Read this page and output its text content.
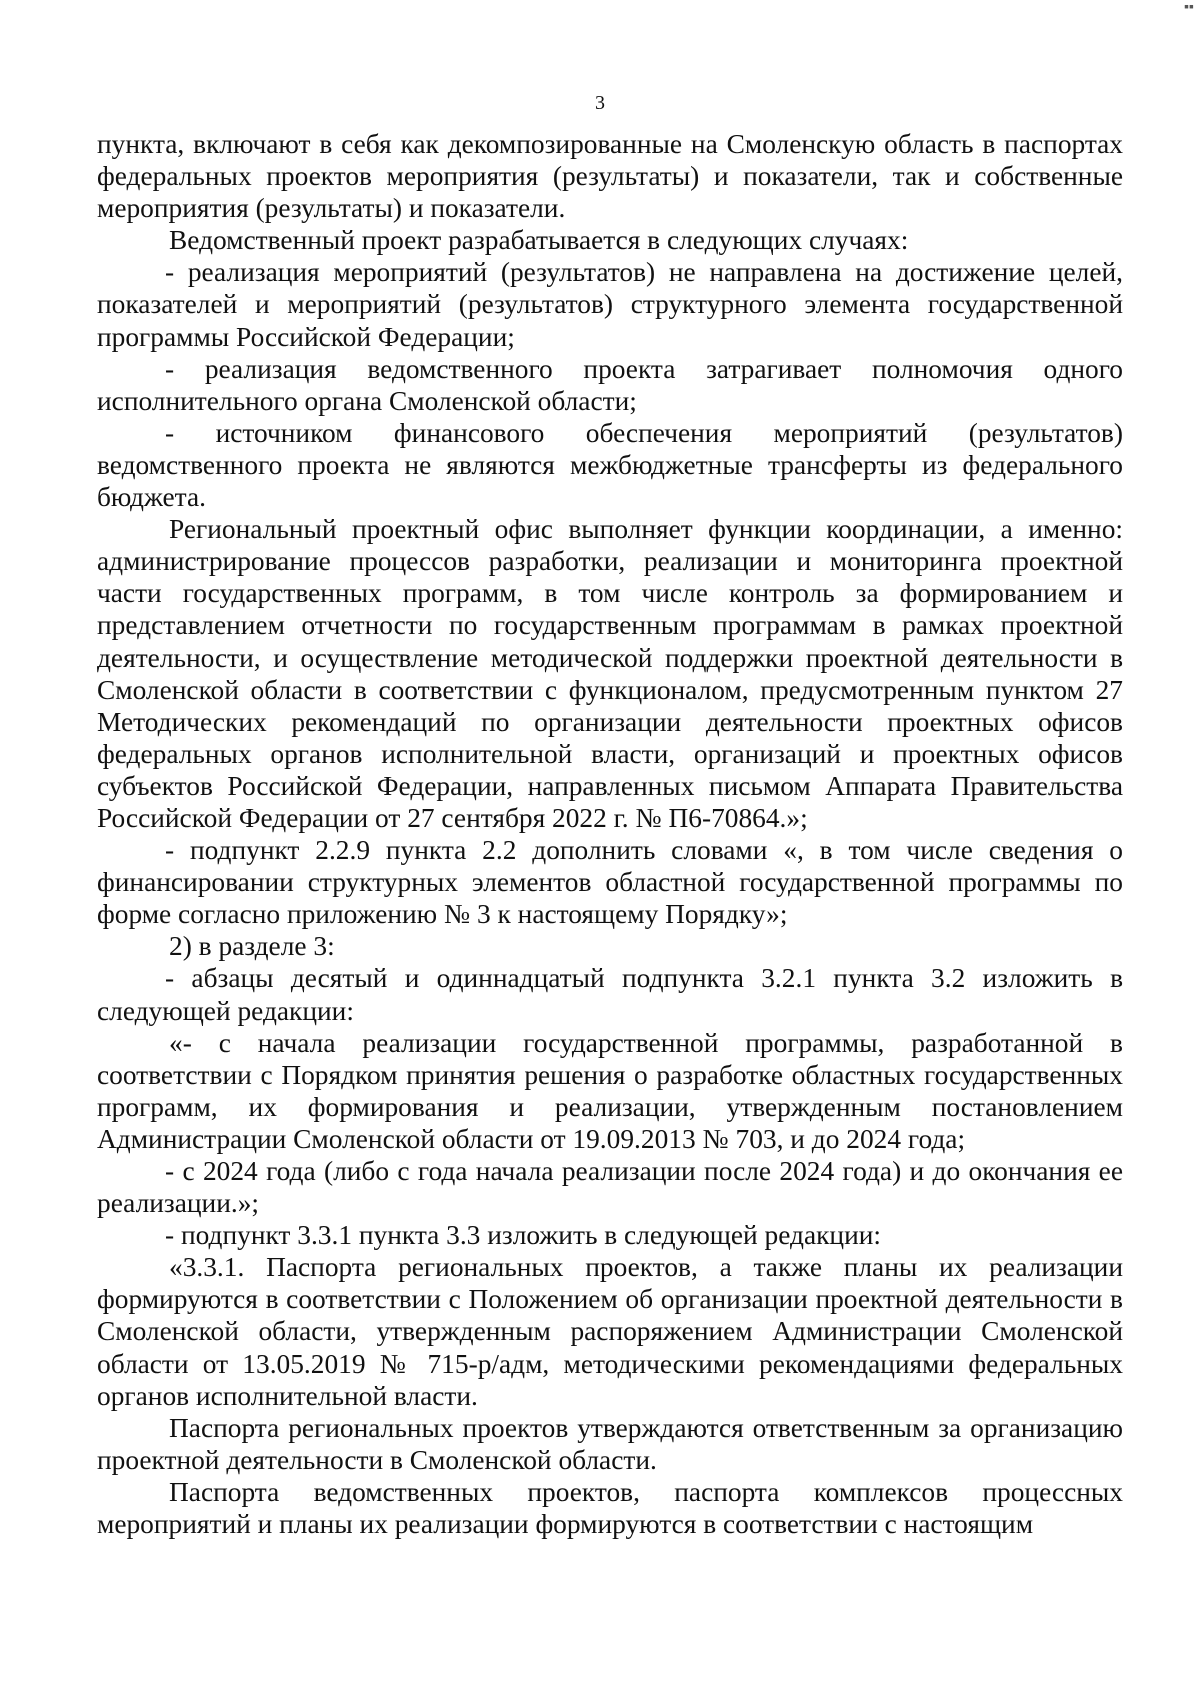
▪▪
3

пункта, включают в себя как декомпозированные на Смоленскую область в паспортах федеральных проектов мероприятия (результаты) и показатели, так и собственные мероприятия (результаты) и показатели.

Ведомственный проект разрабатывается в следующих случаях:

- реализация мероприятий (результатов) не направлена на достижение целей, показателей и мероприятий (результатов) структурного элемента государственной программы Российской Федерации;

- реализация ведомственного проекта затрагивает полномочия одного исполнительного органа Смоленской области;

- источником финансового обеспечения мероприятий (результатов) ведомственного проекта не являются межбюджетные трансферты из федерального бюджета.

Региональный проектный офис выполняет функции координации, а именно: администрирование процессов разработки, реализации и мониторинга проектной части государственных программ, в том числе контроль за формированием и представлением отчетности по государственным программам в рамках проектной деятельности, и осуществление методической поддержки проектной деятельности в Смоленской области в соответствии с функционалом, предусмотренным пунктом 27 Методических рекомендаций по организации деятельности проектных офисов федеральных органов исполнительной власти, организаций и проектных офисов субъектов Российской Федерации, направленных письмом Аппарата Правительства Российской Федерации от 27 сентября 2022 г. № П6-70864.»;

- подпункт 2.2.9 пункта 2.2 дополнить словами «, в том числе сведения о финансировании структурных элементов областной государственной программы по форме согласно приложению № 3 к настоящему Порядку»;

2) в разделе 3:

- абзацы десятый и одиннадцатый подпункта 3.2.1 пункта 3.2 изложить в следующей редакции:

«- с начала реализации государственной программы, разработанной в соответствии с Порядком принятия решения о разработке областных государственных программ, их формирования и реализации, утвержденным постановлением Администрации Смоленской области от 19.09.2013 № 703, и до 2024 года;

- с 2024 года (либо с года начала реализации после 2024 года) и до окончания ее реализации.»;

- подпункт 3.3.1 пункта 3.3 изложить в следующей редакции:

«3.3.1. Паспорта региональных проектов, а также планы их реализации формируются в соответствии с Положением об организации проектной деятельности в Смоленской области, утвержденным распоряжением Администрации Смоленской области от 13.05.2019 № 715-р/адм, методическими рекомендациями федеральных органов исполнительной власти.

Паспорта региональных проектов утверждаются ответственным за организацию проектной деятельности в Смоленской области.

Паспорта ведомственных проектов, паспорта комплексов процессных мероприятий и планы их реализации формируются в соответствии с настоящим
